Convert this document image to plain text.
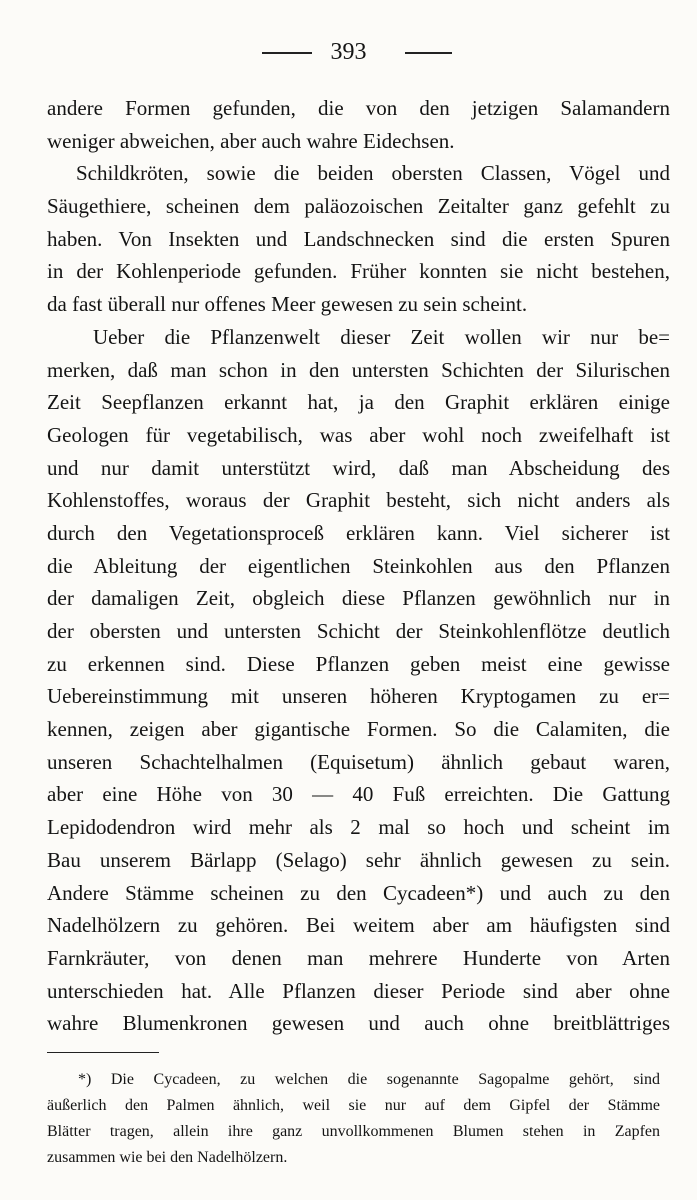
393
andere Formen gefunden, die von den jetzigen Salamandern
weniger abweichen, aber auch wahre Eidechsen.
Schildkröten, sowie die beiden obersten Classen, Vögel und
Säugethiere, scheinen dem paläozoischen Zeitalter ganz gefehlt zu
haben. Von Insekten und Landschnecken sind die ersten Spuren
in der Kohlenperiode gefunden. Früher konnten sie nicht bestehen,
da fast überall nur offenes Meer gewesen zu sein scheint.
Ueber die Pflanzenwelt dieser Zeit wollen wir nur be=
merken, daß man schon in den untersten Schichten der Silurischen
Zeit Seepflanzen erkannt hat, ja den Graphit erklären einige
Geologen für vegetabilisch, was aber wohl noch zweifelhaft ist
und nur damit unterstützt wird, daß man Abscheidung des
Kohlenstoffes, woraus der Graphit besteht, sich nicht anders als
durch den Vegetationsproceß erklären kann. Viel sicherer ist
die Ableitung der eigentlichen Steinkohlen aus den Pflanzen
der damaligen Zeit, obgleich diese Pflanzen gewöhnlich nur in
der obersten und untersten Schicht der Steinkohlenflötze deutlich
zu erkennen sind. Diese Pflanzen geben meist eine gewisse
Uebereinstimmung mit unseren höheren Kryptogamen zu er=
kennen, zeigen aber gigantische Formen. So die Calamiten, die
unseren Schachtelhalmen (Equisetum) ähnlich gebaut waren,
aber eine Höhe von 30 — 40 Fuß erreichten. Die Gattung
Lepidodendron wird mehr als 2 mal so hoch und scheint im
Bau unserem Bärlapp (Selago) sehr ähnlich gewesen zu sein.
Andere Stämme scheinen zu den Cycadeen*) und auch zu den
Nadelhölzern zu gehören. Bei weitem aber am häufigsten sind
Farnkräuter, von denen man mehrere Hunderte von Arten
unterschieden hat. Alle Pflanzen dieser Periode sind aber ohne
wahre Blumenkronen gewesen und auch ohne breitblättriges
*) Die Cycadeen, zu welchen die sogenannte Sagopalme gehört, sind
äußerlich den Palmen ähnlich, weil sie nur auf dem Gipfel der Stämme
Blätter tragen, allein ihre ganz unvollkommenen Blumen stehen in Zapfen
zusammen wie bei den Nadelhölzern.
